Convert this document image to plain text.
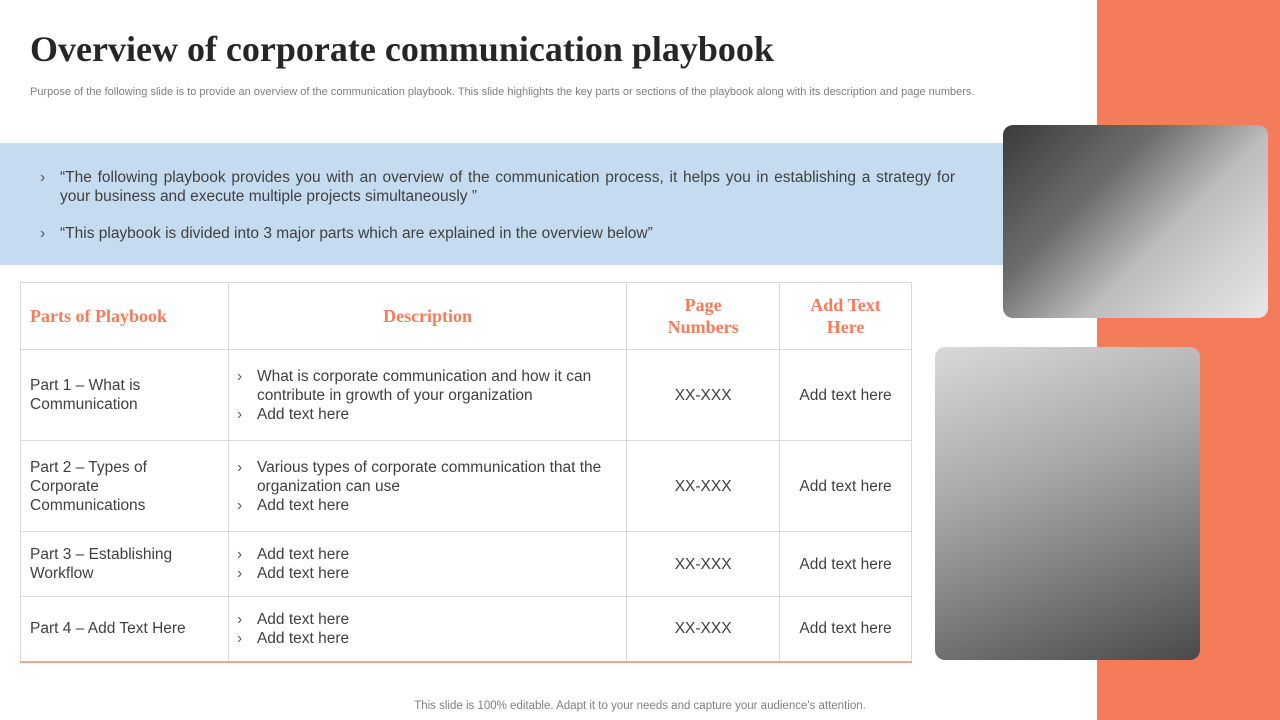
Overview of corporate communication playbook

Purpose of the following slide is to provide an overview of the communication playbook. This slide highlights the key parts or sections of the playbook along with its description and page numbers.

› “The following playbook provides you with an overview of the communication process, it helps you in establishing a strategy for your business and execute multiple projects simultaneously ”
› “This playbook is divided into 3 major parts which are explained in the overview below”
Parts of Playbook	Description	Page Numbers	Add Text Here

Part 1 – What is Communication	› What is corporate communication and how it can contribute in growth of your organization
› Add text here	XX-XXX	Add text here

Part 2 – Types of Corporate Communications	› Various types of corporate communication that the organization can use
› Add text here	XX-XXX	Add text here

Part 3 – Establishing Workflow	› Add text here
› Add text here	XX-XXX	Add text here

Part 4 – Add Text Here	› Add text here
› Add text here	XX-XXX	Add text here

This slide is 100% editable. Adapt it to your needs and capture your audience's attention.
